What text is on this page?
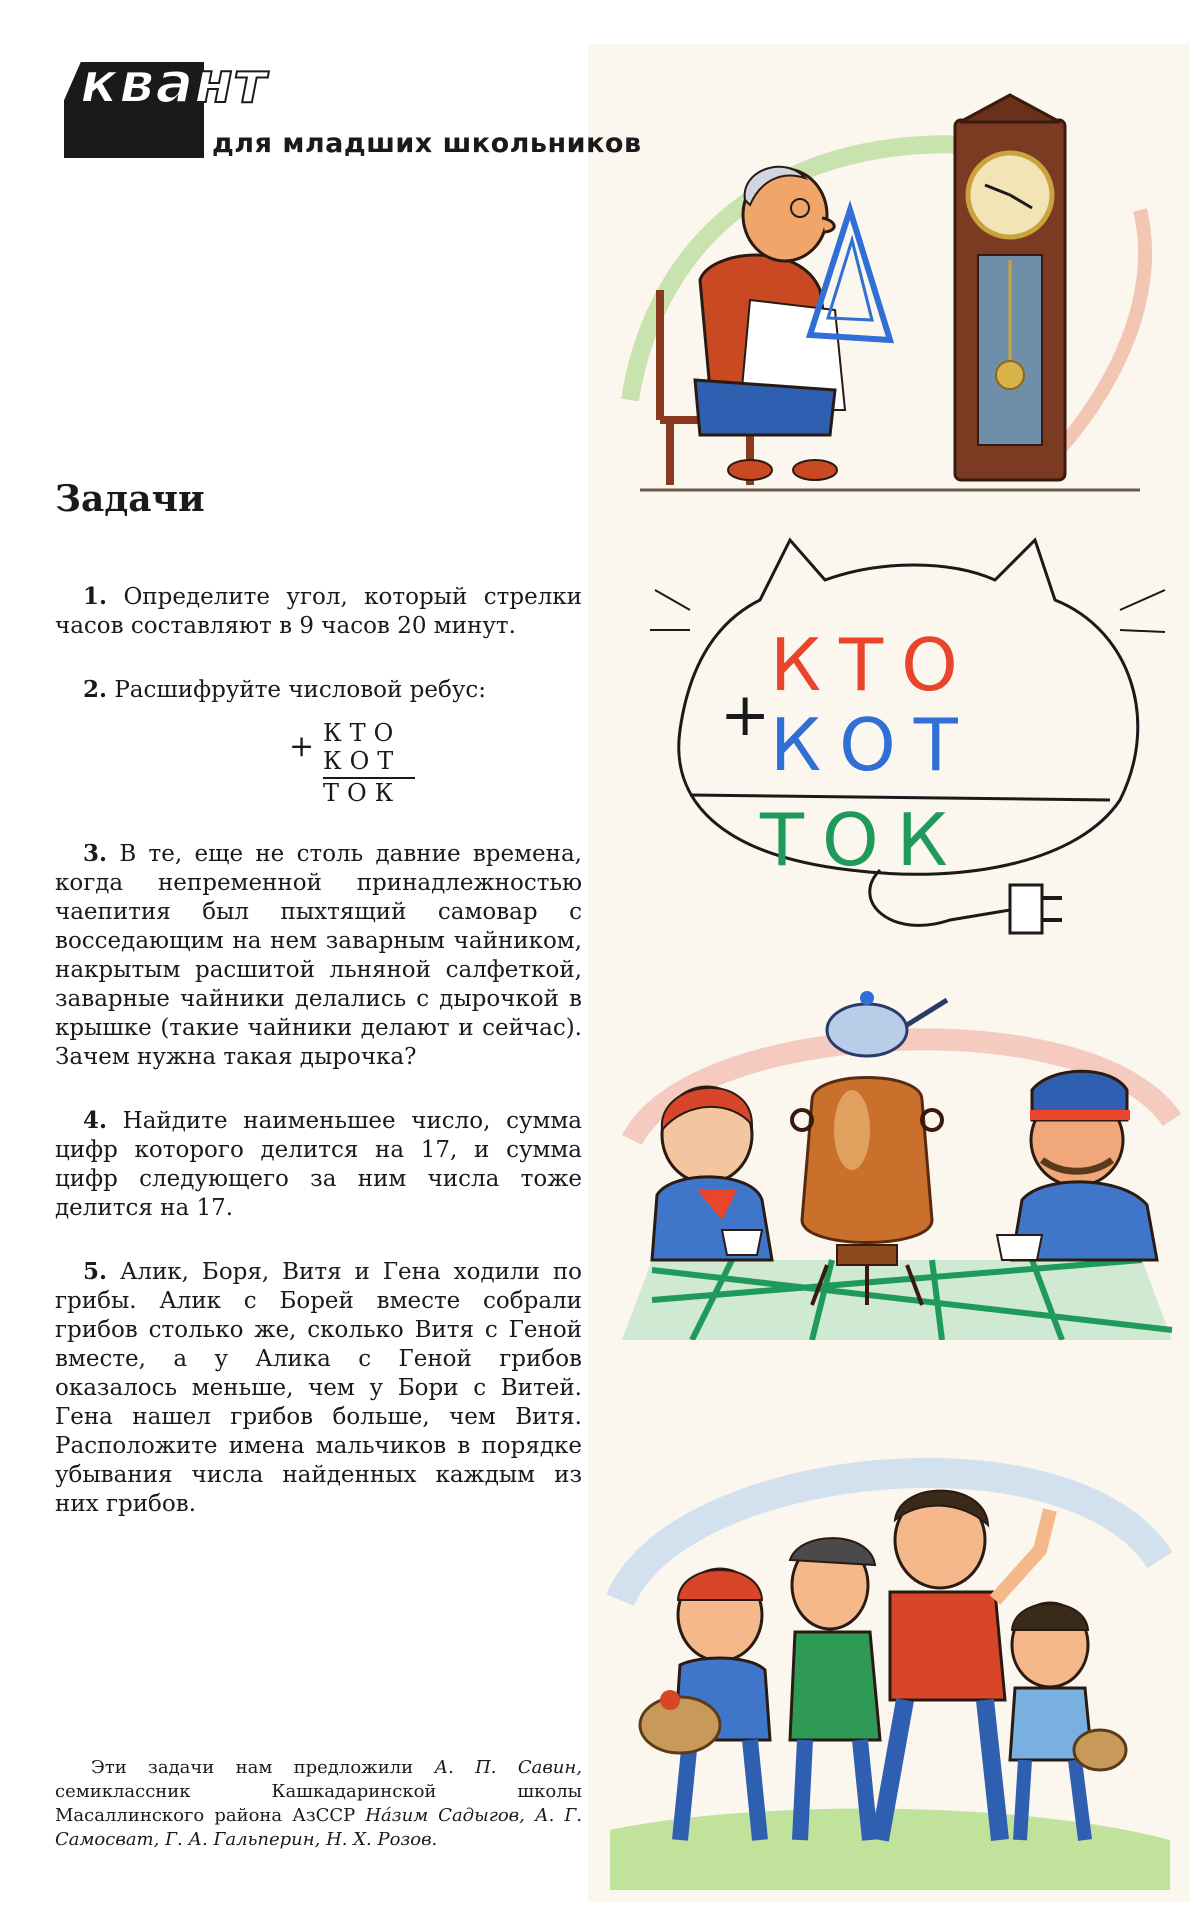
квант
для младших школьников
Задачи

1. Определите угол, который стрелки часов составляют в 9 часов 20 минут.

2. Расшифруйте числовой ребус:

+ КТО
КОТ
ТОК

3. В те, еще не столь давние времена, когда непременной принадлежностью чаепития был пыхтящий самовар с восседающим на нем заварным чайником, накрытым расшитой льняной салфеткой, заварные чайники делались с дырочкой в крышке (такие чайники делают и сейчас). Зачем нужна такая дырочка?

4. Найдите наименьшее число, сумма цифр которого делится на 17, и сумма цифр следующего за ним числа тоже делится на 17.

5. Алик, Боря, Витя и Гена ходили по грибы. Алик с Борей вместе собрали грибов столько же, сколько Витя с Геной вместе, а у Алика с Геной грибов оказалось меньше, чем у Бори с Витей. Гена нашел грибов больше, чем Витя. Расположите имена мальчиков в порядке убывания числа найденных каждым из них грибов.

Эти задачи нам предложили А. П. Савин, семиклассник Кашкадаринской школы Масаллинского района АзССР На́зим Садыгов, А. Г. Самосват, Г. А. Гальперин, Н. Х. Розов.
+
КТО
КОТ
ТОК
